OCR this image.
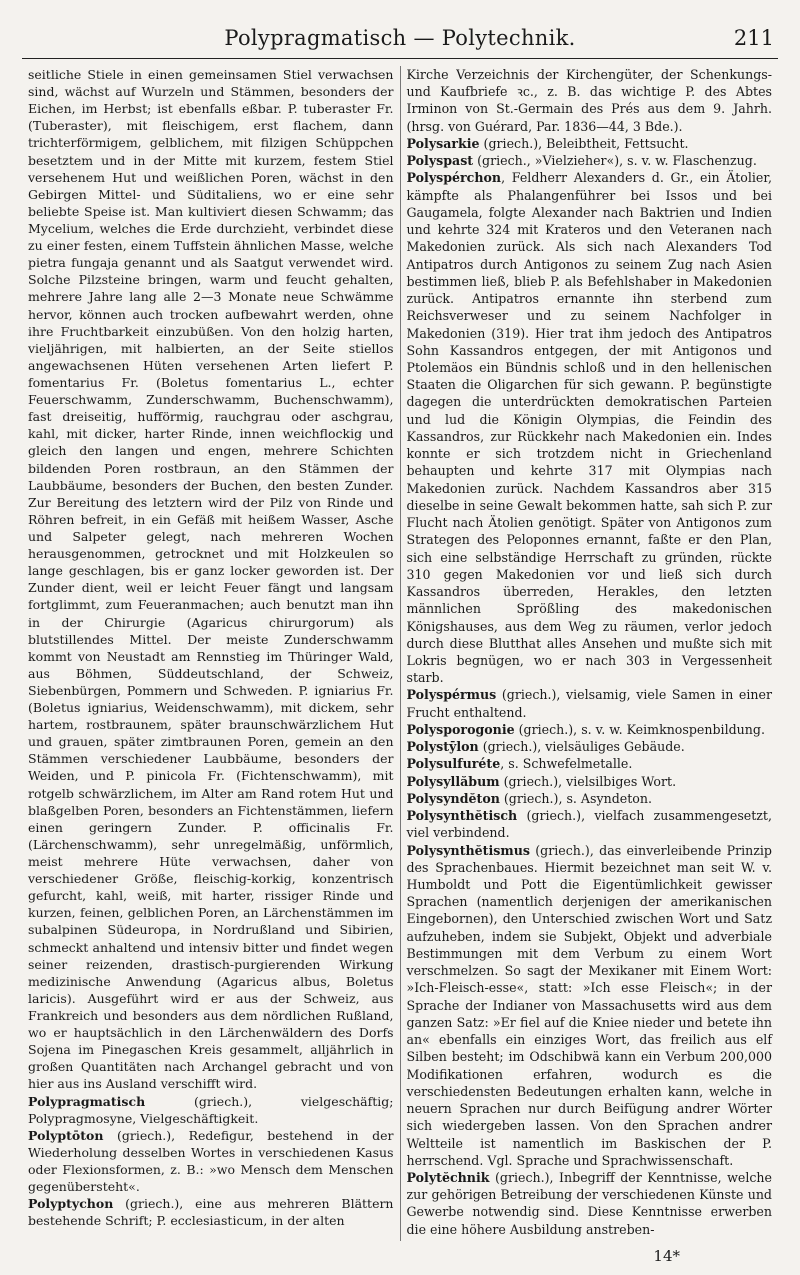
Polypragmatisch — Polytechnik.	211

seitliche Stiele in einen gemeinsamen Stiel verwachsen sind, wächst auf Wurzeln und Stämmen, besonders der Eichen, im Herbst; ist ebenfalls eßbar. P. tuberaster Fr. (Tuberaster), mit fleischigem, erst flachem, dann trichterförmigem, gelblichem, mit filzigen Schüppchen besetztem und in der Mitte mit kurzem, festem Stiel versehenem Hut und weißlichen Poren, wächst in den Gebirgen Mittel- und Süditaliens, wo er eine sehr beliebte Speise ist. Man kultiviert diesen Schwamm; das Mycelium, welches die Erde durchzieht, verbindet diese zu einer festen, einem Tuffstein ähnlichen Masse, welche pietra fungaja genannt und als Saatgut verwendet wird. Solche Pilzsteine bringen, warm und feucht gehalten, mehrere Jahre lang alle 2—3 Monate neue Schwämme hervor, können auch trocken aufbewahrt werden, ohne ihre Fruchtbarkeit einzubüßen. Von den holzig harten, vieljährigen, mit halbierten, an der Seite stiellos angewachsenen Hüten versehenen Arten liefert P. fomentarius Fr. (Boletus fomentarius L., echter Feuerschwamm, Zunderschwamm, Buchenschwamm), fast dreiseitig, hufförmig, rauchgrau oder aschgrau, kahl, mit dicker, harter Rinde, innen weichflockig und gleich den langen und engen, mehrere Schichten bildenden Poren rostbraun, an den Stämmen der Laubbäume, besonders der Buchen, den besten Zunder. Zur Bereitung des letztern wird der Pilz von Rinde und Röhren befreit, in ein Gefäß mit heißem Wasser, Asche und Salpeter gelegt, nach mehreren Wochen herausgenommen, getrocknet und mit Holzkeulen so lange geschlagen, bis er ganz locker geworden ist. Der Zunder dient, weil er leicht Feuer fängt und langsam fortglimmt, zum Feueranmachen; auch benutzt man ihn in der Chirurgie (Agaricus chirurgorum) als blutstillendes Mittel. Der meiste Zunderschwamm kommt von Neustadt am Rennstieg im Thüringer Wald, aus Böhmen, Süddeutschland, der Schweiz, Siebenbürgen, Pommern und Schweden. P. igniarius Fr. (Boletus igniarius, Weidenschwamm), mit dickem, sehr hartem, rostbraunem, später braunschwärzlichem Hut und grauen, später zimtbraunen Poren, gemein an den Stämmen verschiedener Laubbäume, besonders der Weiden, und P. pinicola Fr. (Fichtenschwamm), mit rotgelb schwärzlichem, im Alter am Rand rotem Hut und blaßgelben Poren, besonders an Fichtenstämmen, liefern einen geringern Zunder. P. officinalis Fr. (Lärchenschwamm), sehr unregelmäßig, unförmlich, meist mehrere Hüte verwachsen, daher von verschiedener Größe, fleischig-korkig, konzentrisch gefurcht, kahl, weiß, mit harter, rissiger Rinde und kurzen, feinen, gelblichen Poren, an Lärchenstämmen im subalpinen Südeuropa, in Nordrußland und Sibirien, schmeckt anhaltend und intensiv bitter und findet wegen seiner reizenden, drastisch-purgierenden Wirkung medizinische Anwendung (Agaricus albus, Boletus laricis). Ausgeführt wird er aus der Schweiz, aus Frankreich und besonders aus dem nördlichen Rußland, wo er hauptsächlich in den Lärchenwäldern des Dorfs Sojena im Pinegaschen Kreis gesammelt, alljährlich in großen Quantitäten nach Archangel gebracht und von hier aus ins Ausland verschifft wird.

Polypragmatisch (griech.), vielgeschäftig; Polypragmosyne, Vielgeschäftigkeit.

Polyptōton (griech.), Redefigur, bestehend in der Wiederholung desselben Wortes in verschiedenen Kasus oder Flexionsformen, z. B.: »wo Mensch dem Menschen gegenübersteht«.

Polyptychon (griech.), eine aus mehreren Blättern bestehende Schrift; P. ecclesiasticum, in der alten

Kirche Verzeichnis der Kirchengüter, der Schenkungs- und Kaufbriefe ꝛc., z. B. das wichtige P. des Abtes Irminon von St.-Germain des Prés aus dem 9. Jahrh. (hrsg. von Guérard, Par. 1836—44, 3 Bde.).

Polysarkie (griech.), Beleibtheit, Fettsucht.

Polyspast (griech., »Vielzieher«), s. v. w. Flaschenzug.

Polyspérchon, Feldherr Alexanders d. Gr., ein Ätolier, kämpfte als Phalangenführer bei Issos und bei Gaugamela, folgte Alexander nach Baktrien und Indien und kehrte 324 mit Krateros und den Veteranen nach Makedonien zurück. Als sich nach Alexanders Tod Antipatros durch Antigonos zu seinem Zug nach Asien bestimmen ließ, blieb P. als Befehlshaber in Makedonien zurück. Antipatros ernannte ihn sterbend zum Reichsverweser und zu seinem Nachfolger in Makedonien (319). Hier trat ihm jedoch des Antipatros Sohn Kassandros entgegen, der mit Antigonos und Ptolemäos ein Bündnis schloß und in den hellenischen Staaten die Oligarchen für sich gewann. P. begünstigte dagegen die unterdrückten demokratischen Parteien und lud die Königin Olympias, die Feindin des Kassandros, zur Rückkehr nach Makedonien ein. Indes konnte er sich trotzdem nicht in Griechenland behaupten und kehrte 317 mit Olympias nach Makedonien zurück. Nachdem Kassandros aber 315 dieselbe in seine Gewalt bekommen hatte, sah sich P. zur Flucht nach Ätolien genötigt. Später von Antigonos zum Strategen des Peloponnes ernannt, faßte er den Plan, sich eine selbständige Herrschaft zu gründen, rückte 310 gegen Makedonien vor und ließ sich durch Kassandros überreden, Herakles, den letzten männlichen Sprößling des makedonischen Königshauses, aus dem Weg zu räumen, verlor jedoch durch diese Blutthat alles Ansehen und mußte sich mit Lokris begnügen, wo er nach 303 in Vergessenheit starb.

Polyspérmus (griech.), vielsamig, viele Samen in einer Frucht enthaltend.

Polysporogonie (griech.), s. v. w. Keimknospenbildung.

Polystȳlon (griech.), vielsäuliges Gebäude.

Polysulfuréte, s. Schwefelmetalle.

Polysyllăbum (griech.), vielsilbiges Wort.

Polysyndĕton (griech.), s. Asyndeton.

Polysynthĕtisch (griech.), vielfach zusammengesetzt, viel verbindend.

Polysynthĕtismus (griech.), das einverleibende Prinzip des Sprachenbaues. Hiermit bezeichnet man seit W. v. Humboldt und Pott die Eigentümlichkeit gewisser Sprachen (namentlich derjenigen der amerikanischen Eingebornen), den Unterschied zwischen Wort und Satz aufzuheben, indem sie Subjekt, Objekt und adverbiale Bestimmungen mit dem Verbum zu einem Wort verschmelzen. So sagt der Mexikaner mit Einem Wort: »Ich-Fleisch-esse«, statt: »Ich esse Fleisch«; in der Sprache der Indianer von Massachusetts wird aus dem ganzen Satz: »Er fiel auf die Kniee nieder und betete ihn an« ebenfalls ein einziges Wort, das freilich aus elf Silben besteht; im Odschibwä kann ein Verbum 200,000 Modifikationen erfahren, wodurch es die verschiedensten Bedeutungen erhalten kann, welche in neuern Sprachen nur durch Beifügung andrer Wörter sich wiedergeben lassen. Von den Sprachen andrer Weltteile ist namentlich im Baskischen der P. herrschend. Vgl. Sprache und Sprachwissenschaft.

Polytĕchnik (griech.), Inbegriff der Kenntnisse, welche zur gehörigen Betreibung der verschiedenen Künste und Gewerbe notwendig sind. Diese Kenntnisse erwerben die eine höhere Ausbildung anstreben-

14*
